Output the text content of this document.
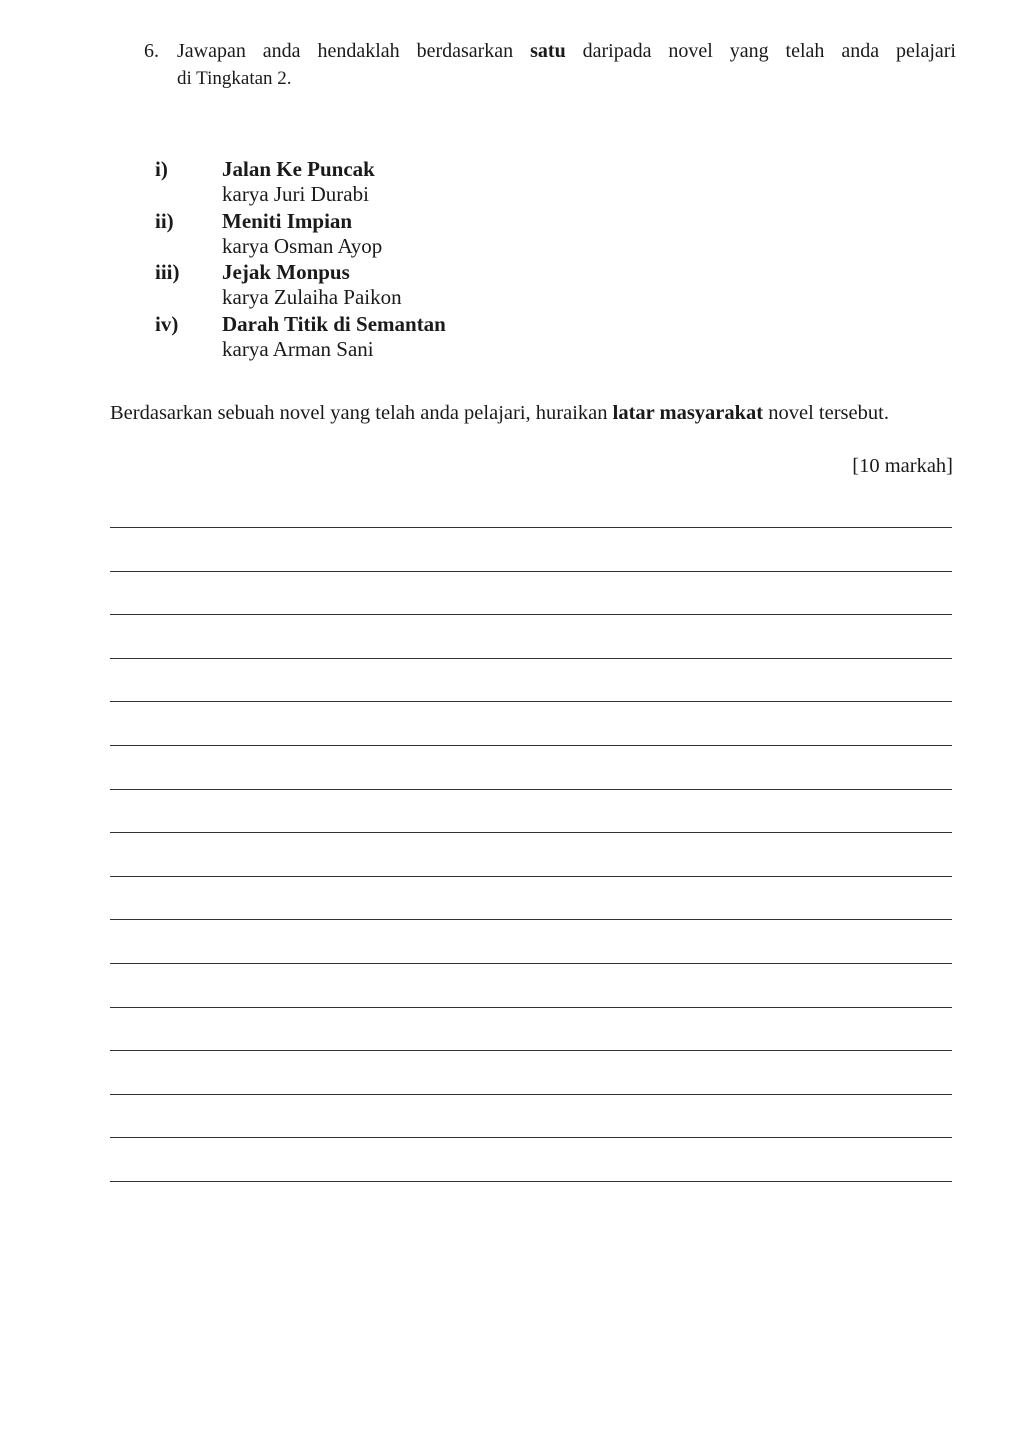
6. Jawapan anda hendaklah berdasarkan satu daripada novel yang telah anda pelajari
di Tingkatan 2.
i)	Jalan Ke Puncak
karya Juri Durabi
ii) Meniti Impian
karya Osman Ayop
iii) Jejak Monpus
karya Zulaiha Paikon
iv) Darah Titik di Semantan
karya Arman Sani
Berdasarkan sebuah novel yang telah anda pelajari, huraikan latar masyarakat novel tersebut.
[10 markah]
